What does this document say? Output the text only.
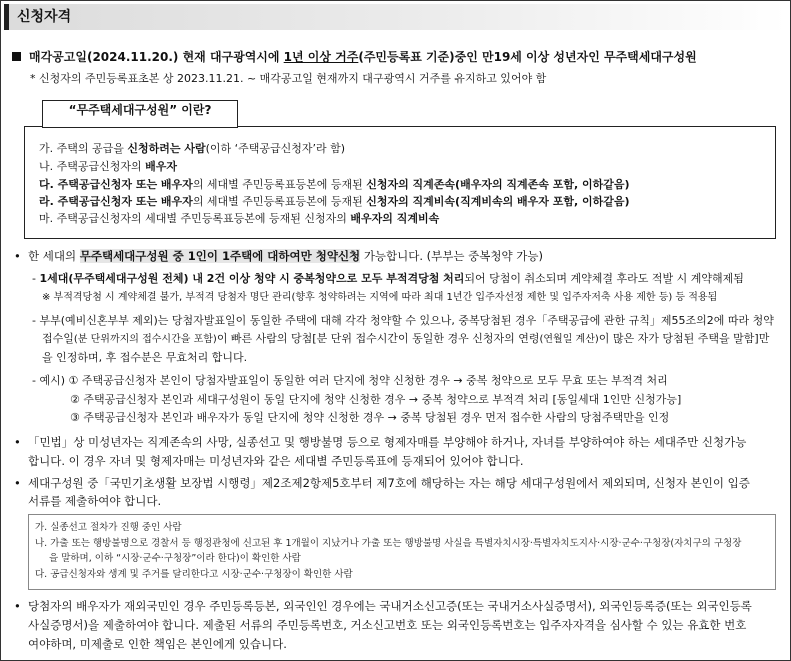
신청자격
매각공고일(2024.11.20.) 현재 대구광역시에 1년 이상 거주(주민등록표 기준)중인 만19세 이상 성년자인 무주택세대구성원
* 신청자의 주민등록표초본 상 2023.11.21. ~ 매각공고일 현재까지 대구광역시 거주를 유지하고 있어야 함
가. 주택의 공급을 신청하려는 사람(이하 ‘주택공급신청자’라 함)
나. 주택공급신청자의 배우자
다. 주택공급신청자 또는 배우자의 세대별 주민등록표등본에 등재된 신청자의 직계존속(배우자의 직계존속 포함, 이하같음)
라. 주택공급신청자 또는 배우자의 세대별 주민등록표등본에 등재된 신청자의 직계비속(직계비속의 배우자 포함, 이하같음)
마. 주택공급신청자의 세대별 주민등록표등본에 등재된 신청자의 배우자의 직계비속
“무주택세대구성원” 이란?
• 한 세대의 무주택세대구성원 중 1인이 1주택에 대하여만 청약신청 가능합니다. (부부는 중복청약 가능)
- 1세대(무주택세대구성원 전체) 내 2건 이상 청약 시 중복청약으로 모두 부적격당첨 처리되어 당첨이 취소되며 계약체결 후라도 적발 시 계약해제됨
※ 부적격당첨 시 계약체결 불가, 부적격 당첨자 명단 관리(향후 청약하려는 지역에 따라 최대 1년간 입주자선정 제한 및 입주자저축 사용 제한 등) 등 적용됨
- 부부(예비신혼부부 제외)는 당첨자발표일이 동일한 주택에 대해 각각 청약할 수 있으나, 중복당첨된 경우「주택공급에 관한 규칙」제55조의2에 따라 청약
접수일(분 단위까지의 접수시간을 포함)이 빠른 사람의 당첨[분 단위 접수시간이 동일한 경우 신청자의 연령(연월일 계산)이 많은 자가 당첨된 주택을 말함]만
을 인정하며, 후 접수분은 무효처리 합니다.
- 예시) ① 주택공급신청자 본인이 당첨자발표일이 동일한 여러 단지에 청약 신청한 경우 → 중복 청약으로 모두 무효 또는 부적격 처리
② 주택공급신청자 본인과 세대구성원이 동일 단지에 청약 신청한 경우 → 중복 청약으로 부적격 처리 [동일세대 1인만 신청가능]
③ 주택공급신청자 본인과 배우자가 동일 단지에 청약 신청한 경우 → 중복 당첨된 경우 먼저 접수한 사람의 당첨주택만을 인정
• 「민법」상 미성년자는 직계존속의 사망, 실종선고 및 행방불명 등으로 형제자매를 부양해야 하거나, 자녀를 부양하여야 하는 세대주만 신청가능
합니다. 이 경우 자녀 및 형제자매는 미성년자와 같은 세대별 주민등록표에 등재되어 있어야 합니다.
• 세대구성원 중「국민기초생활 보장법 시행령」제2조제2항제5호부터 제7호에 해당하는 자는 해당 세대구성원에서 제외되며, 신청자 본인이 입증
서류를 제출하여야 합니다.
가. 실종선고 절차가 진행 중인 사람
나. 가출 또는 행방불명으로 경찰서 등 행정관청에 신고된 후 1개월이 지났거나 가출 또는 행방불명 사실을 특별자치시장·특별자치도지사·시장·군수·구청장(자치구의 구청장
을 말하며, 이하 “시장·군수·구청장”이라 한다)이 확인한 사람
다. 공급신청자와 생계 및 주거를 달리한다고 시장·군수·구청장이 확인한 사람
• 당첨자의 배우자가 재외국민인 경우 주민등록등본, 외국인인 경우에는 국내거소신고증(또는 국내거소사실증명서), 외국인등록증(또는 외국인등록
사실증명서)을 제출하여야 합니다. 제출된 서류의 주민등록번호, 거소신고번호 또는 외국인등록번호는 입주자자격을 심사할 수 있는 유효한 번호
여야하며, 미제출로 인한 책임은 본인에게 있습니다.
